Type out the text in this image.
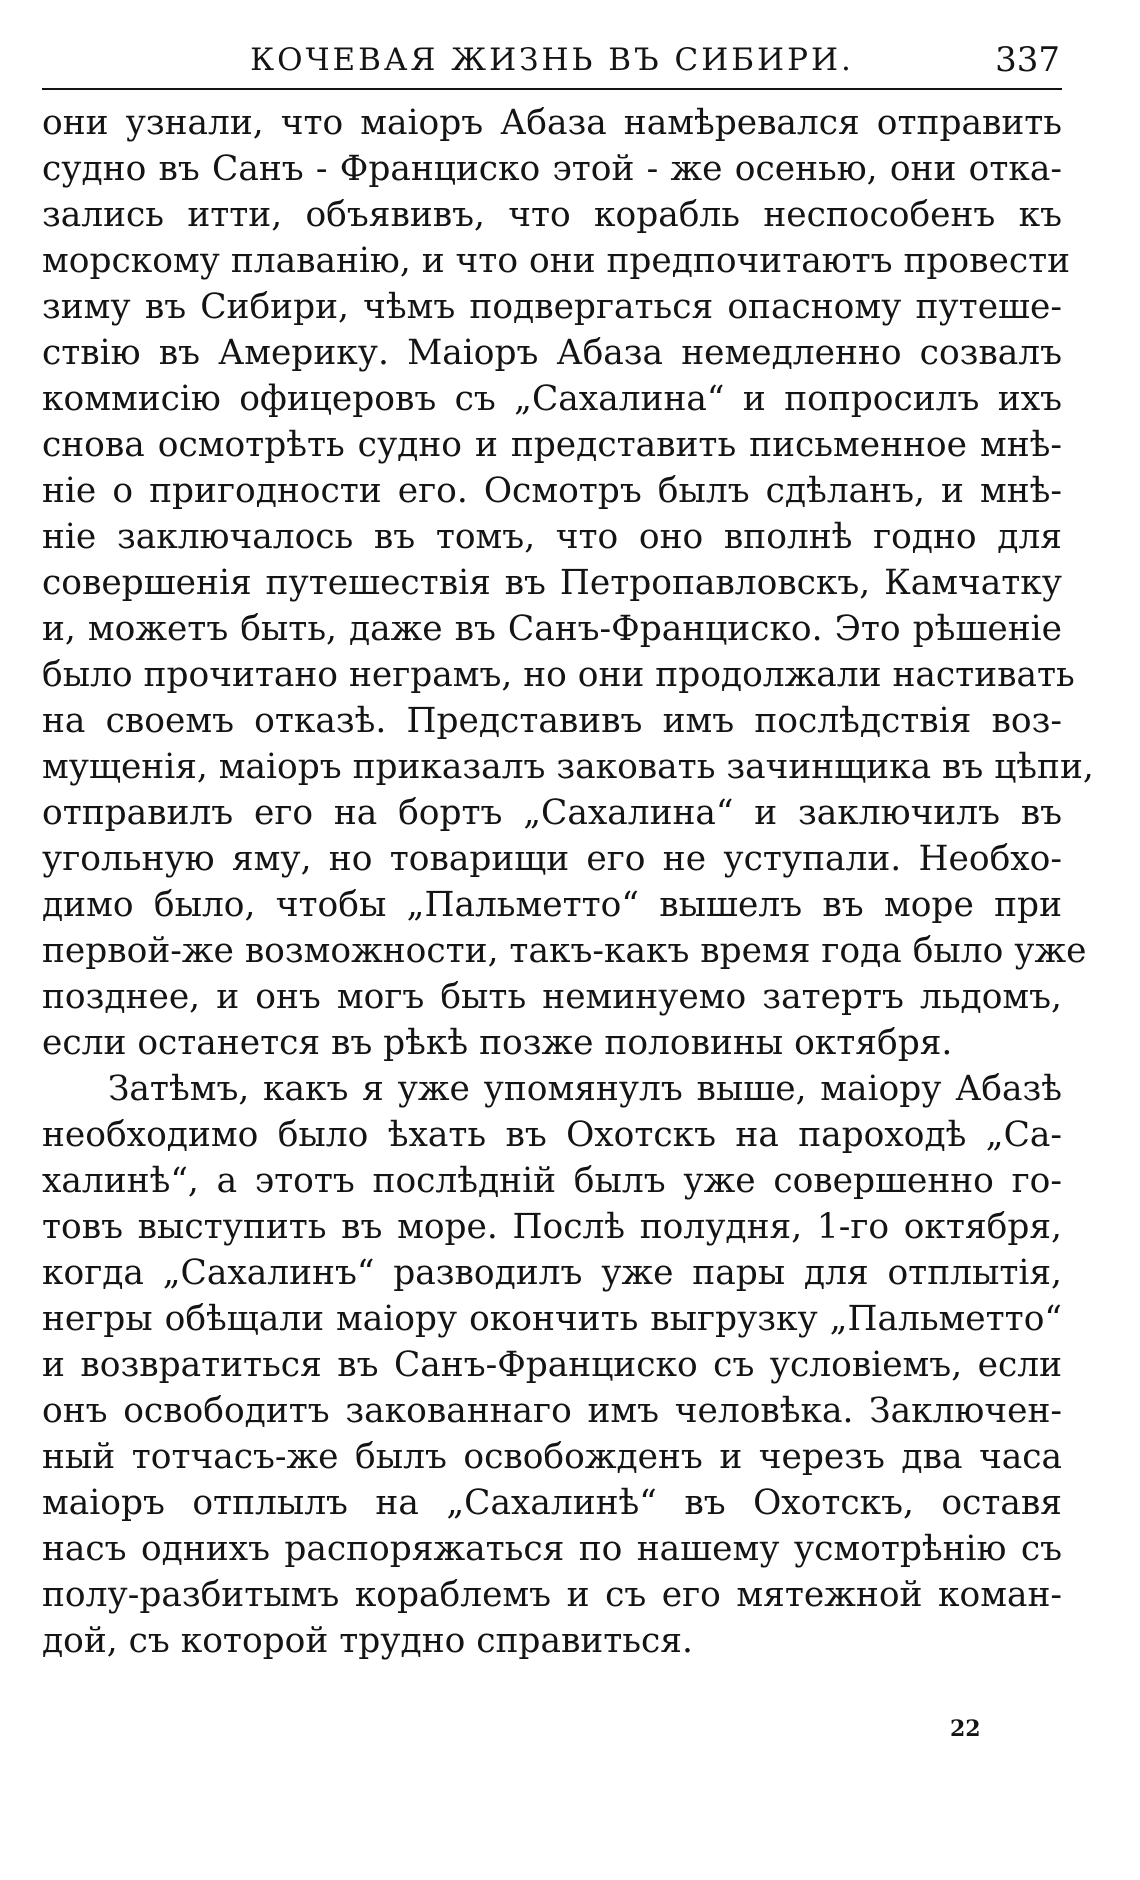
КОЧЕВАЯ ЖИЗНЬ ВЪ СИБИРИ.	337
они узнали, что маіоръ Абаза намѣревался отправить
судно въ Санъ - Франциско этой - же осенью, они отка-
зались итти, объявивъ, что корабль неспособенъ къ
морскому плаванію, и что они предпочитаютъ провести
зиму въ Сибири, чѣмъ подвергаться опасному путеше-
ствію въ Америку. Маіоръ Абаза немедленно созвалъ
коммисію офицеровъ съ „Сахалина“ и попросилъ ихъ
снова осмотрѣть судно и представить письменное мнѣ-
ніе о пригодности его. Осмотръ былъ сдѣланъ, и мнѣ-
ніе заключалось въ томъ, что оно вполнѣ годно для
совершенія путешествія въ Петропавловскъ, Камчатку
и, можетъ быть, даже въ Санъ-Франциско. Это рѣшеніе
было прочитано неграмъ, но они продолжали настивать
на своемъ отказѣ. Представивъ имъ послѣдствія воз-
мущенія, маіоръ приказалъ заковать зачинщика въ цѣпи,
отправилъ его на бортъ „Сахалина“ и заключилъ въ
угольную яму, но товарищи его не уступали. Необхо-
димо было, чтобы „Пальметто“ вышелъ въ море при
первой-же возможности, такъ-какъ время года было уже
позднее, и онъ могъ быть неминуемо затертъ льдомъ,
если останется въ рѣкѣ позже половины октября.
Затѣмъ, какъ я уже упомянулъ выше, маіору Абазѣ
необходимо было ѣхать въ Охотскъ на пароходѣ „Са-
халинѣ“, а этотъ послѣдній былъ уже совершенно го-
товъ выступить въ море. Послѣ полудня, 1-го октября,
когда „Сахалинъ“ разводилъ уже пары для отплытія,
негры обѣщали маіору окончить выгрузку „Пальметто“
и возвратиться въ Санъ-Франциско съ условіемъ, если
онъ освободитъ закованнаго имъ человѣка. Заключен-
ный тотчасъ-же былъ освобожденъ и черезъ два часа
маіоръ отплылъ на „Сахалинѣ“ въ Охотскъ, оставя
насъ однихъ распоряжаться по нашему усмотрѣнію съ
полу-разбитымъ кораблемъ и съ его мятежной коман-
дой, съ которой трудно справиться.
22
